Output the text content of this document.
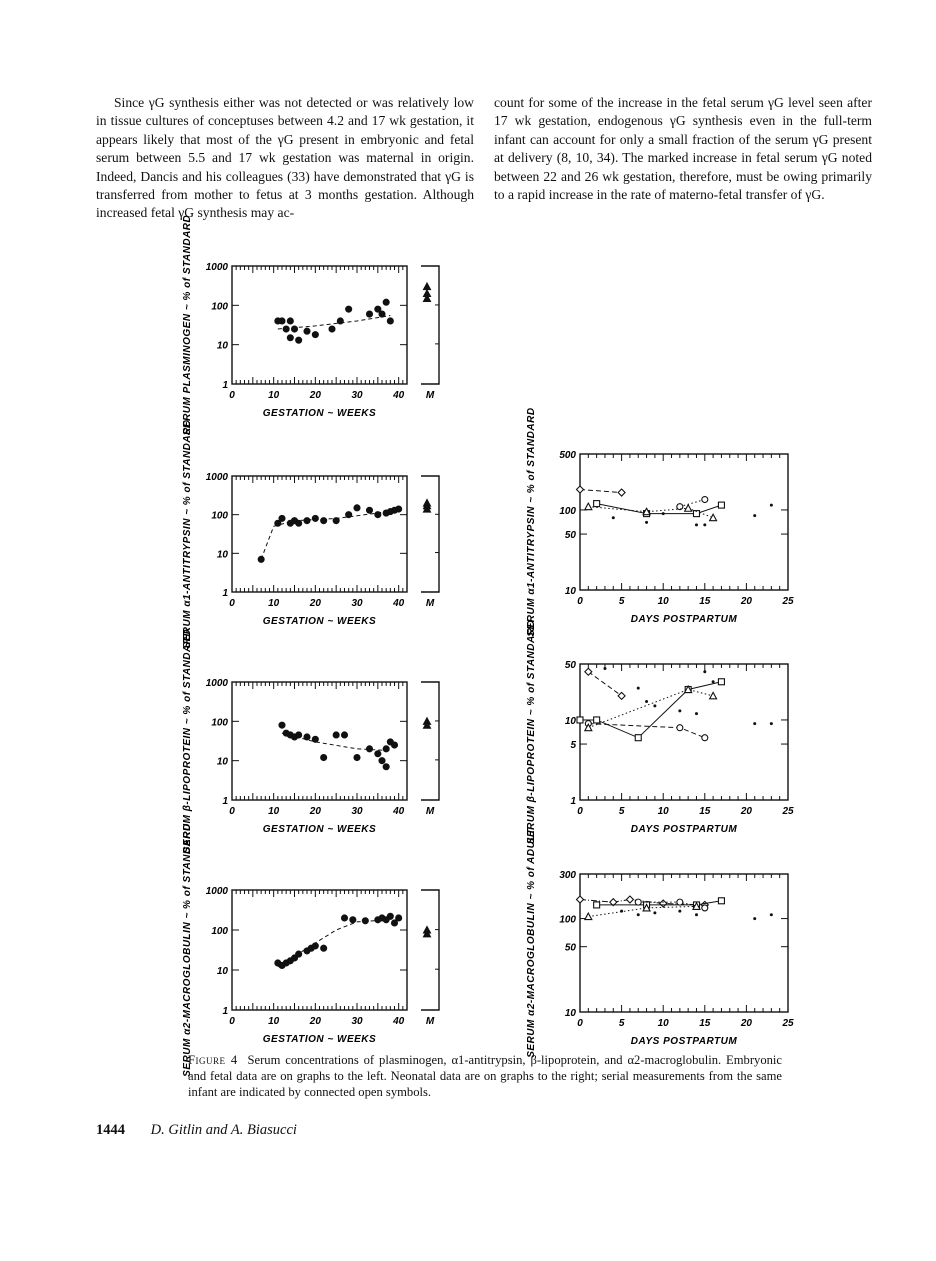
Since γG synthesis either was not detected or was relatively low in tissue cultures of conceptuses between 4.2 and 17 wk gestation, it appears likely that most of the γG present in embryonic and fetal serum between 5.5 and 17 wk gestation was maternal in origin. Indeed, Dancis and his colleagues (33) have demonstrated that γG is transferred from mother to fetus at 3 months gestation. Although increased fetal γG synthesis may ac-
count for some of the increase in the fetal serum γG level seen after 17 wk gestation, endogenous γG synthesis even in the full-term infant can account for only a small fraction of the serum γG present at delivery (8, 10, 34). The marked increase in fetal serum γG noted between 22 and 26 wk gestation, therefore, must be owing primarily to a rapid increase in the rate of materno-fetal transfer of γG.
SERUM PLASMINOGEN ~ % of STANDARD	1
10
100
1000
0	10	20	30	40 M
GESTATION ~ WEEKS
SERUM α1-ANTITRYPSIN ~ % of STANDARD	1
10
100
1000
0	10	20	30	40 M
GESTATION ~ WEEKS	SERUM α1-ANTITRYPSIN ~ % of STANDARD	10
50
100
500
0	5	10	15	20	25
DAYS POSTPARTUM
SERUM β-LIPOPROTEIN ~ % of STANDARD	1
10
100
1000
0	10	20	30	40 M
GESTATION ~ WEEKS	SERUM β-LIPOPROTEIN ~ % of STANDARD	1
5
10
50
0	5	10	15	20	25
DAYS POSTPARTUM
SERUM α2-MACROGLOBULIN ~ % of STANDARD	1
10
100
1000
0	10	20	30	40 M
GESTATION ~ WEEKS	SERUM α2-MACROGLOBULIN ~ % of ADULT	10
50
100
300
0	5	10	15	20	25
DAYS POSTPARTUM
Figure 4 Serum concentrations of plasminogen, α1-antitrypsin, β-lipoprotein, and α2-macroglobulin. Embryonic and fetal data are on graphs to the left. Neonatal data are on graphs to the right; serial measurements from the same infant are indicated by connected open symbols.
1444 D. Gitlin and A. Biasucci
